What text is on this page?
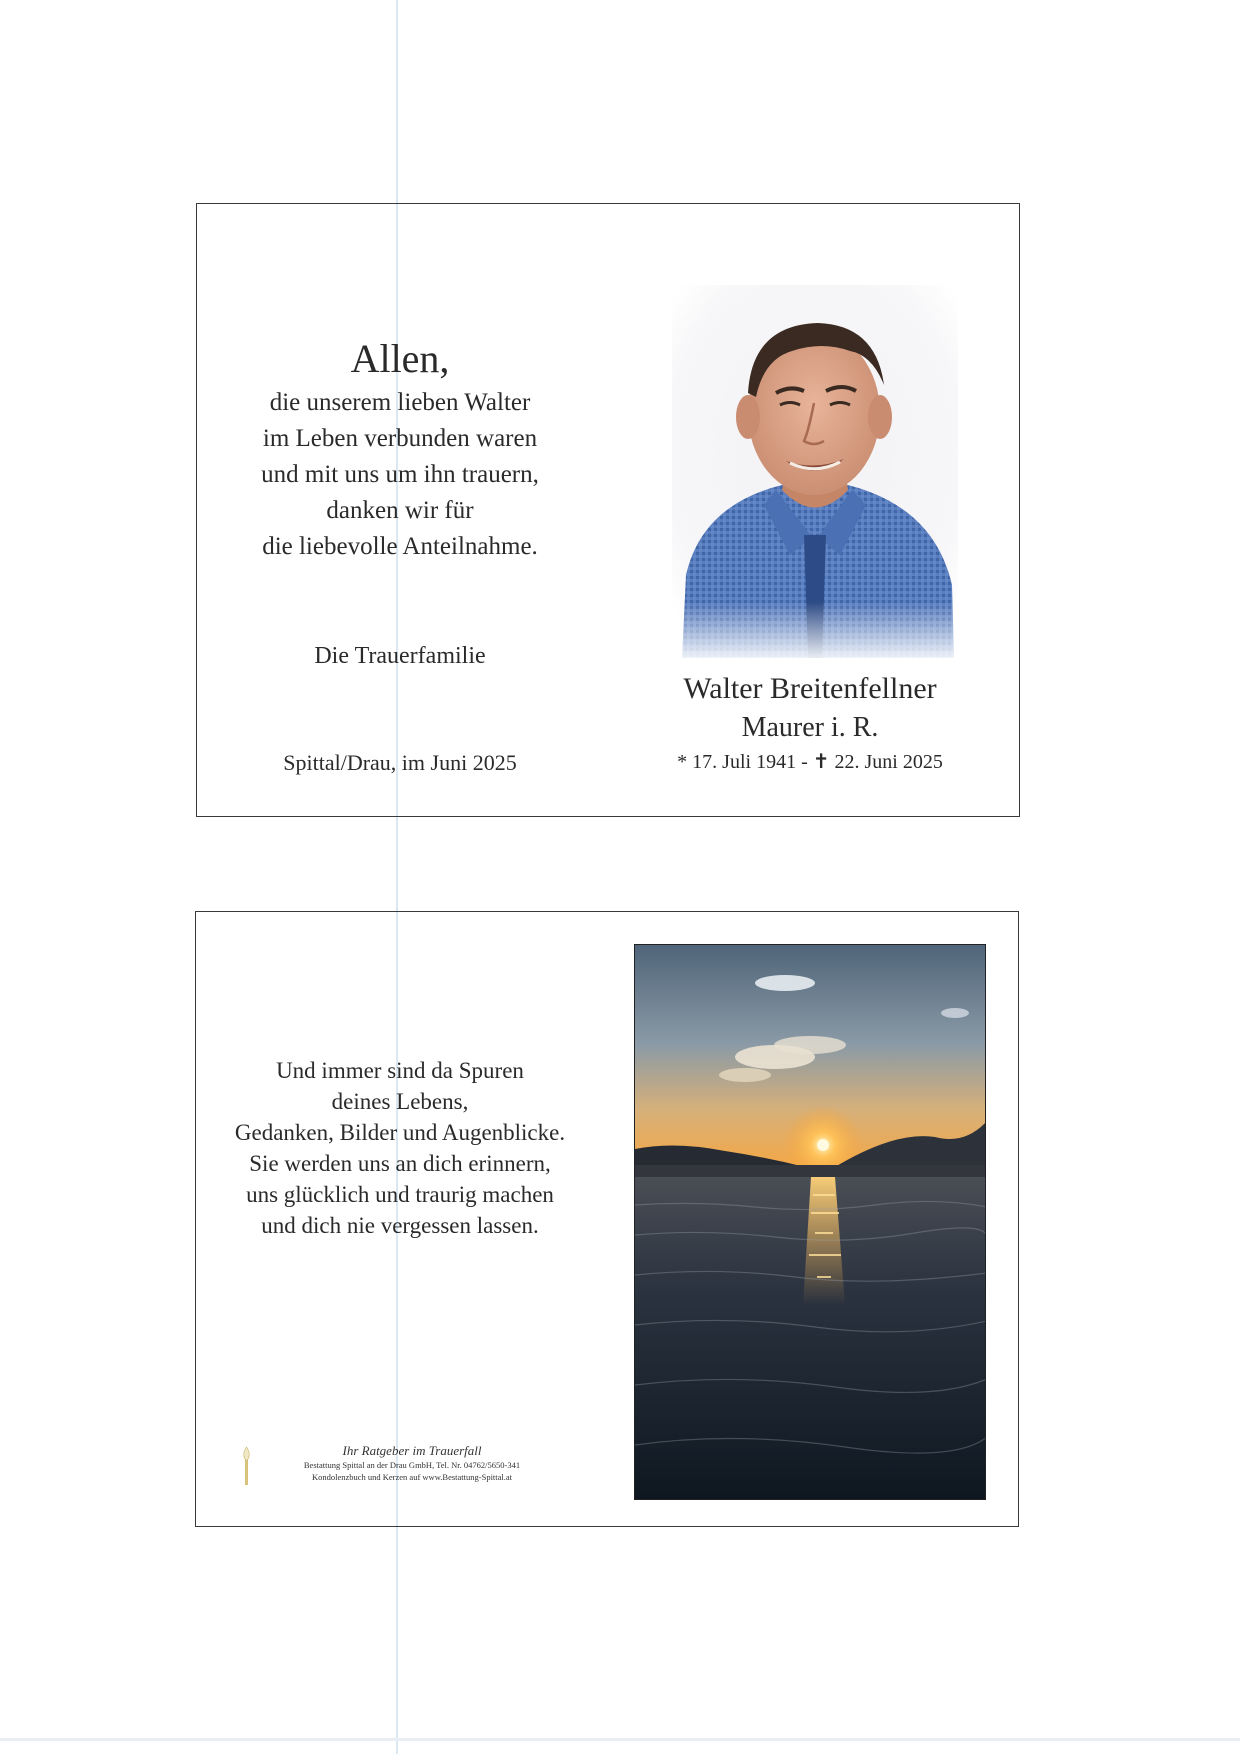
Allen,
die unserem lieben Walter
im Leben verbunden waren
und mit uns um ihn trauern,
danken wir für
die liebevolle Anteilnahme.
Die Trauerfamilie
Spittal/Drau, im Juni 2025
Walter Breitenfellner
Maurer i. R.
* 17. Juli 1941 - ✝ 22. Juni 2025
Und immer sind da Spuren
deines Lebens,
Gedanken, Bilder und Augenblicke.
Sie werden uns an dich erinnern,
uns glücklich und traurig machen
und dich nie vergessen lassen.
Ihr Ratgeber im Trauerfall
Bestattung Spittal an der Drau GmbH, Tel. Nr. 04762/5650-341
Kondolenzbuch und Kerzen auf www.Bestattung-Spittal.at
